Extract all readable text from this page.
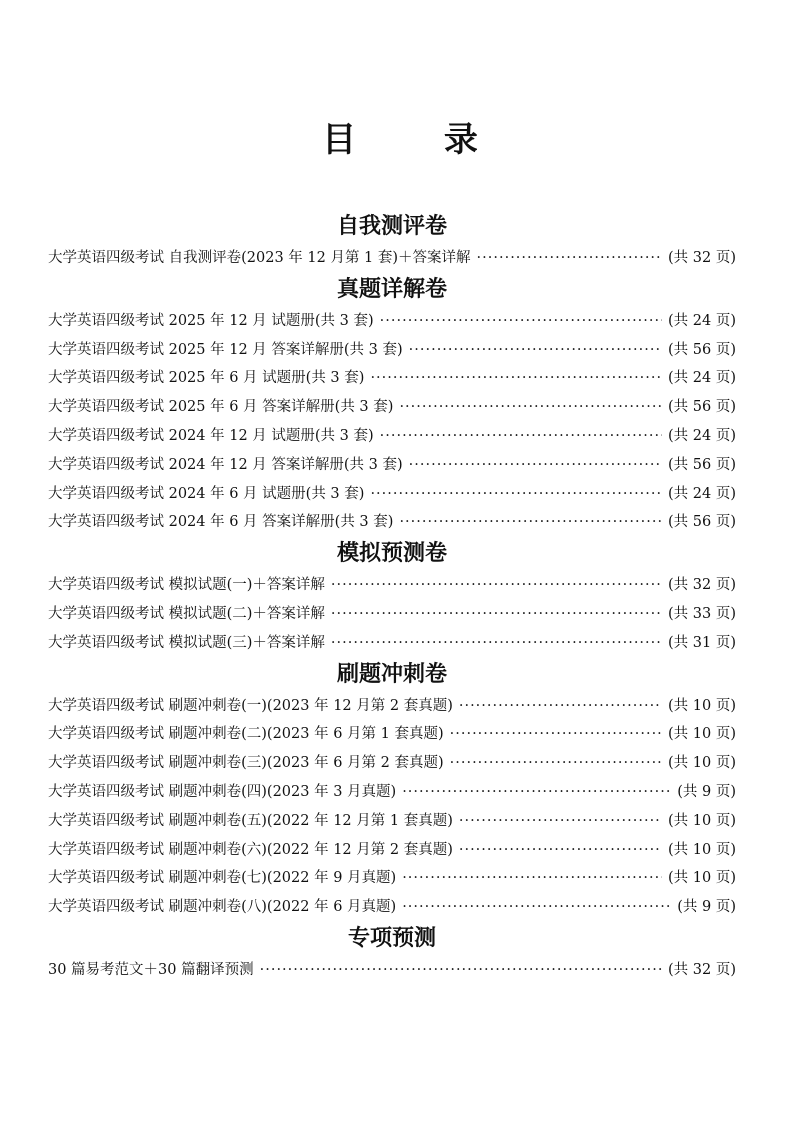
目 录
自我测评卷
大学英语四级考试 自我测评卷(2023 年 12 月第 1 套)＋答案详解 ·····	(共 32 页)
真题详解卷
大学英语四级考试 2025 年 12 月 试题册(共 3 套) ·····	(共 24 页)
大学英语四级考试 2025 年 12 月 答案详解册(共 3 套) ·····	(共 56 页)
大学英语四级考试 2025 年 6 月 试题册(共 3 套) ·····	(共 24 页)
大学英语四级考试 2025 年 6 月 答案详解册(共 3 套) ·····	(共 56 页)
大学英语四级考试 2024 年 12 月 试题册(共 3 套) ·····	(共 24 页)
大学英语四级考试 2024 年 12 月 答案详解册(共 3 套) ·····	(共 56 页)
大学英语四级考试 2024 年 6 月 试题册(共 3 套) ·····	(共 24 页)
大学英语四级考试 2024 年 6 月 答案详解册(共 3 套) ·····	(共 56 页)
模拟预测卷
大学英语四级考试 模拟试题(一)＋答案详解 ·····	(共 32 页)
大学英语四级考试 模拟试题(二)＋答案详解 ·····	(共 33 页)
大学英语四级考试 模拟试题(三)＋答案详解 ·····	(共 31 页)
刷题冲刺卷
大学英语四级考试 刷题冲刺卷(一)(2023 年 12 月第 2 套真题) ·····	(共 10 页)
大学英语四级考试 刷题冲刺卷(二)(2023 年 6 月第 1 套真题) ·····	(共 10 页)
大学英语四级考试 刷题冲刺卷(三)(2023 年 6 月第 2 套真题) ·····	(共 10 页)
大学英语四级考试 刷题冲刺卷(四)(2023 年 3 月真题) ·····	(共 9 页)
大学英语四级考试 刷题冲刺卷(五)(2022 年 12 月第 1 套真题) ·····	(共 10 页)
大学英语四级考试 刷题冲刺卷(六)(2022 年 12 月第 2 套真题) ·····	(共 10 页)
大学英语四级考试 刷题冲刺卷(七)(2022 年 9 月真题) ·····	(共 10 页)
大学英语四级考试 刷题冲刺卷(八)(2022 年 6 月真题) ·····	(共 9 页)
专项预测
30 篇易考范文＋30 篇翻译预测 ·····	(共 32 页)
